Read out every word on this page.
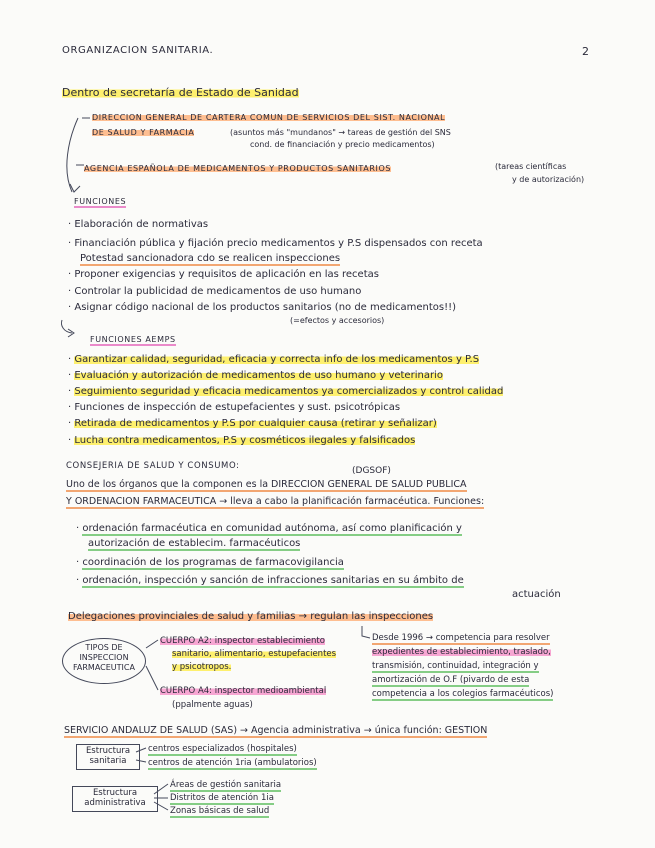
ORGANIZACION SANITARIA.	2
Dentro de secretaría de Estado de Sanidad
DIRECCION GENERAL DE CARTERA COMUN DE SERVICIOS DEL SIST. NACIONAL
DE SALUD Y FARMACIA	(asuntos más "mundanos" → tareas de gestión del SNS
cond. de financiación y precio medicamentos)
AGENCIA ESPAÑOLA DE MEDICAMENTOS Y PRODUCTOS SANITARIOS	(tareas científicas
y de autorización)
FUNCIONES
· Elaboración de normativas
· Financiación pública y fijación precio medicamentos y P.S dispensados con receta
Potestad sancionadora cdo se realicen inspecciones
· Proponer exigencias y requisitos de aplicación en las recetas
· Controlar la publicidad de medicamentos de uso humano
· Asignar código nacional de los productos sanitarios (no de medicamentos!!)
(=efectos y accesorios)
FUNCIONES AEMPS
· Garantizar calidad, seguridad, eficacia y correcta info de los medicamentos y P.S
· Evaluación y autorización de medicamentos de uso humano y veterinario
· Seguimiento seguridad y eficacia medicamentos ya comercializados y control calidad
· Funciones de inspección de estupefacientes y sust. psicotrópicas
· Retirada de medicamentos y P.S por cualquier causa (retirar y señalizar)
· Lucha contra medicamentos, P.S y cosméticos ilegales y falsificados
CONSEJERIA DE SALUD Y CONSUMO:	(DGSOF)
Uno de los órganos que la componen es la DIRECCION GENERAL DE SALUD PUBLICA
Y ORDENACION FARMACEUTICA → lleva a cabo la planificación farmacéutica. Funciones:
· ordenación farmacéutica en comunidad autónoma, así como planificación y
autorización de establecim. farmacéuticos
· coordinación de los programas de farmacovigilancia
· ordenación, inspección y sanción de infracciones sanitarias en su ámbito de
actuación
Delegaciones provinciales de salud y familias → regulan las inspecciones
TIPOS DE INSPECCION FARMACEUTICA
CUERPO A2: inspector establecimiento
sanitario, alimentario, estupefacientes
y psicotropos.
CUERPO A4: inspector medioambiental
(ppalmente aguas)
Desde 1996 → competencia para resolver
expedientes de establecimiento, traslado,
transmisión, continuidad, integración y
amortización de O.F (pivardo de esta
competencia a los colegios farmacéuticos)
SERVICIO ANDALUZ DE SALUD (SAS) → Agencia administrativa → única función: GESTION
Estructura sanitaria
centros especializados (hospitales)
centros de atención 1ria (ambulatorios)
Estructura administrativa
Áreas de gestión sanitaria
Distritos de atención 1ia
Zonas básicas de salud
